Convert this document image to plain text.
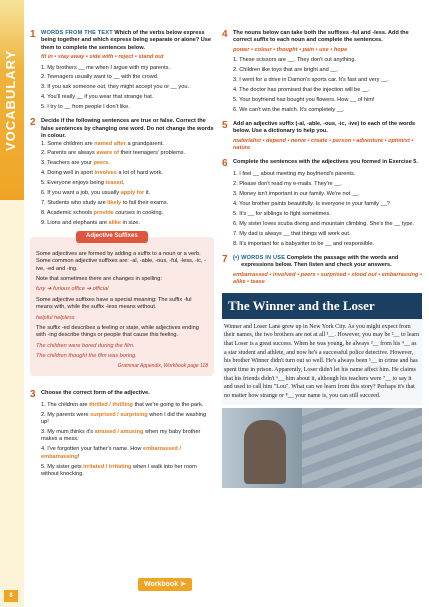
VOCABULARY
8
1 WORDS FROM THE TEXT Which of the verbs below express being together and which express being separate or alone? Use them to complete the sentences below.
fit in • stay away • side with • reject • stand out
1. My brothers __ me when I argue with my parents.
2. Teenagers usually want to __ with the crowd.
3. If you ask someone out, they might accept you or __ you.
4. You'll really __ if you wear that strange hat.
5. I try to __ from people I don't like.
2 Decide if the following sentences are true or false. Correct the false sentences by changing one word. Do not change the words in colour.
1. Some children are named after a grandparent.
2. Parents are always aware of their teenagers' problems.
3. Teachers are your peers.
4. Doing well in sport involves a lot of hard work.
5. Everyone enjoys being teased.
6. If you want a job, you usually apply for it.
7. Students who study are likely to fail their exams.
8. Academic schools provide courses in cooking.
9. Lions and elephants are alike in size.
Adjective Suffixes

Some adjectives are formed by adding a suffix to a noun or a verb. Some common adjective suffixes are: -al, -able, -ous, -ful, -less, -ic, -ive, -ed and -ing.

Note that sometimes there are changes in spelling:

fury ➔ furious office ➔ official

Some adjective suffixes have a special meaning: The suffix -ful means with, while the suffix -less means without.

helpful helpless

The suffix -ed describes a feeling or state, while adjectives ending with -ing describe things or people that cause this feeling.

The children were bored during the film.
The children thought the film was boring.
Grammar Appendix, Workbook page 118
3 Choose the correct form of the adjective.
1. The children are thrilled / thrilling that we're going to the park.
2. My parents were surprised / surprising when I did the washing up!
3. My mum thinks it's amused / amusing when my baby brother makes a mess.
4. I've forgotten your father's name. How embarrassed / embarrassing!
5. My sister gets irritated / irritating when I walk into her room without knocking.
4 The nouns below can take both the suffixes -ful and -less. Add the correct suffix to each noun and complete the sentences.
power • colour • thought • pain • use • hope
1. These scissors are __. They don't cut anything.
2. Children like toys that are bright and __.
3. I went for a drive in Damon's sports car. It's fast and very __.
4. The doctor has promised that the injection will be __.
5. Your boyfriend has bought you flowers. How __ of him!
6. We can't win the match. It's completely __.
5 Add an adjective suffix (-al, -able, -ous, -ic, -ive) to each of the words below. Use a dictionary to help you.
materialist • depend • nerve • create • person • adventure • optimist • nature
6 Complete the sentences with the adjectives you formed in Exercise 5.
1. I feel __ about meeting my boyfriend's parents.
2. Please don't read my e-mails. They're __.
3. Money isn't important in our family. We're not __.
4. Your brother paints beautifully. Is everyone in your family __?
5. It's __ for siblings to fight sometimes.
6. My sister loves scuba diving and mountain climbing. She's the __ type.
7. My dad is always __ that things will work out.
8. It's important for a babysitter to be __ and responsible.
7 (•) WORDS IN USE Complete the passage with the words and expressions below. Then listen and check your answers.
embarrassed • involved • peers • surprised • stood out • embarrassing • alike • tease
The Winner and the Loser
Winner and Loser Lane grew up in New York City. As you might expect from their names, the two brothers are not at all ¹__. However, you may be ²__ to learn that Loser is a great success. When he was young, he always ³__ from his ⁴__ as a star student and athlete, and now he's a successful police detective. However, his brother Winner didn't turn out so well. He's always been ⁵__ in crime and has spent time in prison. Apparently, Loser didn't let his name affect him. He claims that his friends didn't ⁶__ him about it, although his teachers were ⁷__ to say it and used to call him "Lou". What can we learn from this story? Perhaps it's that no matter how strange or ⁸__ your name is, you can still succeed.
Workbook ➤
